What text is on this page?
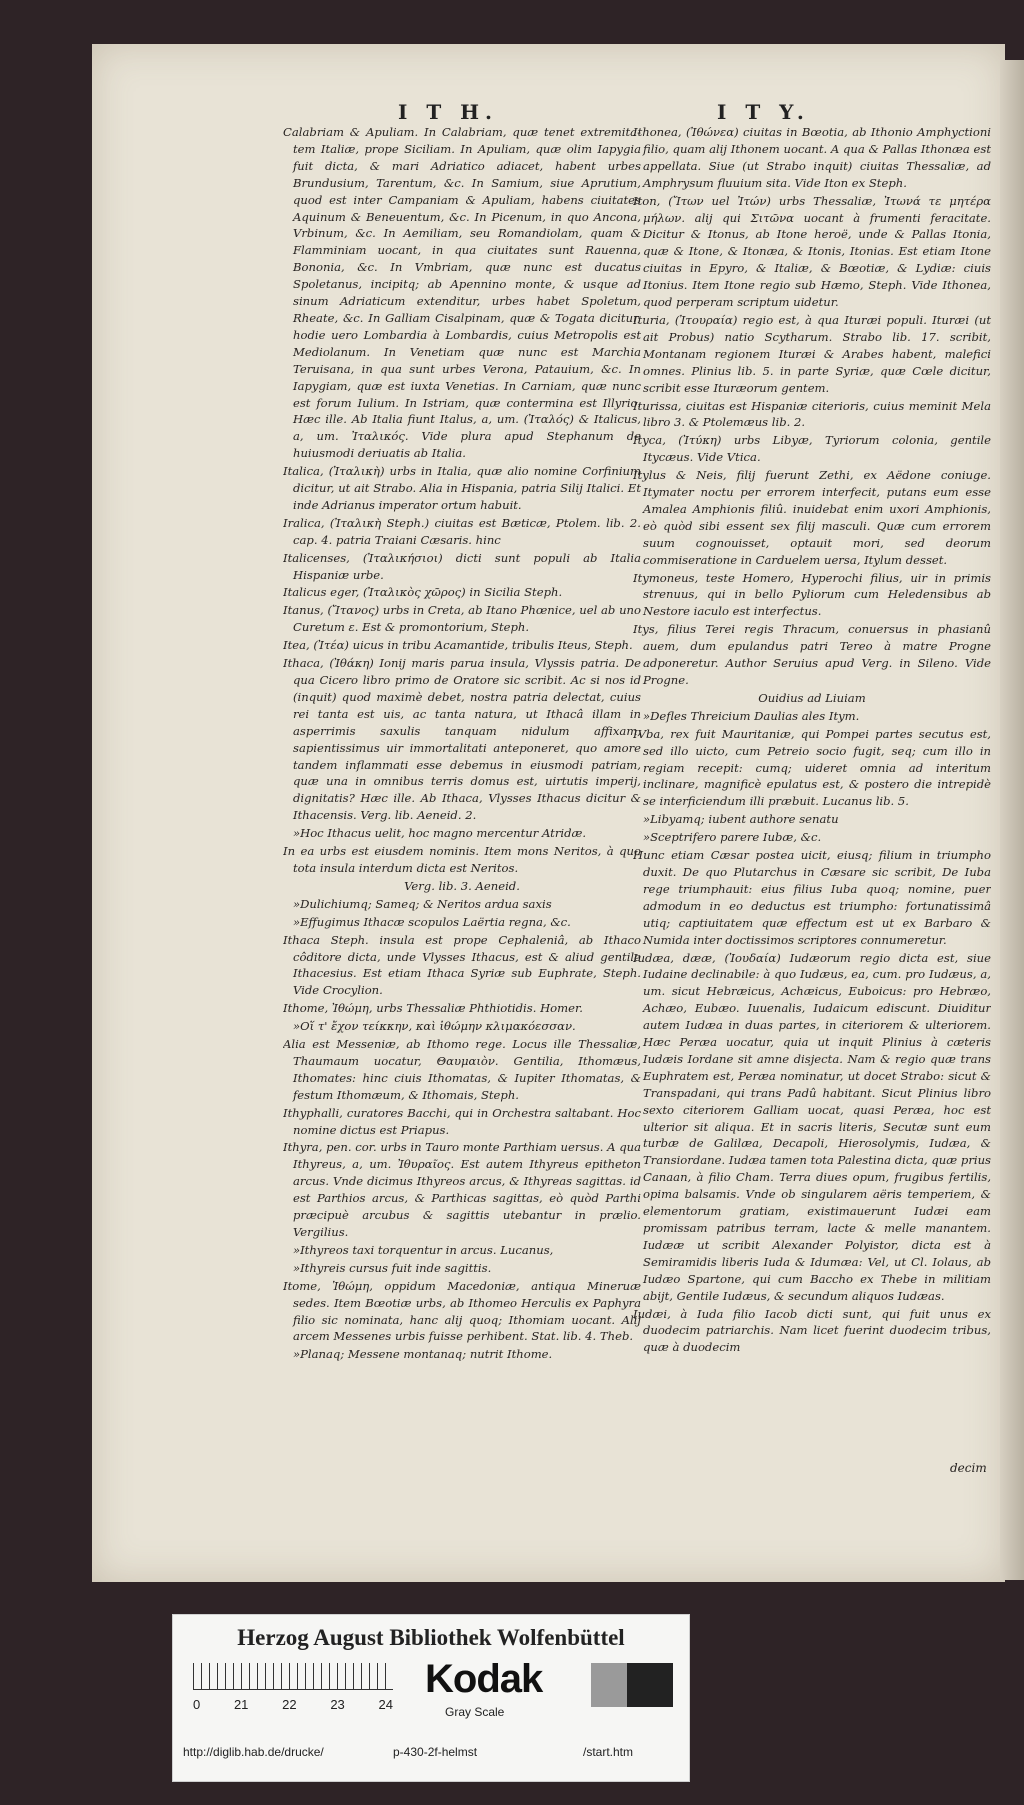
I T H.	I T Y.

Calabriam & Apuliam. In Calabriam, quæ tenet extremita-tem Italiæ, prope Siciliam. In Apuliam, quæ olim Iapygia fuit dicta, & mari Adriatico adiacet, habent urbes Brundusium, Tarentum, &c. In Samium, siue Aprutium, quod est inter Campaniam & Apuliam, habens ciuitates Aquinum & Beneuentum, &c. In Picenum, in quo Ancona, Vrbinum, &c. In Aemiliam, seu Romandiolam, quam & Flamminiam uocant, in qua ciuitates sunt Rauenna, Bononia, &c. In Vmbriam, quæ nunc est ducatus Spoletanus, incipitq; ab Apennino monte, & usque ad sinum Adriaticum extenditur, urbes habet Spoletum, Rheate, &c. In Galliam Cisalpinam, quæ & Togata dicitur, hodie uero Lombardia à Lombardis, cuius Metropolis est Mediolanum. In Venetiam quæ nunc est Marchia Teruisana, in qua sunt urbes Verona, Patauium, &c. In Iapygiam, quæ est iuxta Venetias. In Carniam, quæ nunc est forum Iulium. In Istriam, quæ contermina est Illyrio. Hæc ille. Ab Italia fiunt Italus, a, um. (Ἰταλός) & Italicus, a, um. Ἰταλικός. Vide plura apud Stephanum de huiusmodi deriuatis ab Italia.

Italica, (Ἰταλικὴ) urbs in Italia, quæ alio nomine Corfinium dicitur, ut ait Strabo. Alia in Hispania, patria Silij Italici. Et inde Adrianus imperator ortum habuit.

Iralica, (Ἰταλικὴ Steph.) ciuitas est Bæticæ, Ptolem. lib. 2. cap. 4. patria Traiani Cæsaris. hinc

Italicenses, (Ἰταλικήσιοι) dicti sunt populi ab Italia Hispaniæ urbe.

Italicus eger, (Ἰταλικὸς χῶρος) in Sicilia Steph.

Itanus, (Ἴτανος) urbs in Creta, ab Itano Phœnice, uel ab uno Curetum ε. Est & promontorium, Steph.

Itea, (Ἰτέα) uicus in tribu Acamantide, tribulis Iteus, Steph.

Ithaca, (Ἰθάκη) Ionij maris parua insula, Vlyssis patria. De qua Cicero libro primo de Oratore sic scribit. Ac si nos id (inquit) quod maximè debet, nostra patria delectat, cuius rei tanta est uis, ac tanta natura, ut Ithacâ illam in asperrimis saxulis tanquam nidulum affixam, sapientissimus uir immortalitati anteponeret, quo amore tandem inflammati esse debemus in eiusmodi patriam, quæ una in omnibus terris domus est, uirtutis imperij, dignitatis? Hæc ille. Ab Ithaca, Vlysses Ithacus dicitur & Ithacensis. Verg. lib. Aeneid. 2.

»Hoc Ithacus uelit, hoc magno mercentur Atridæ.

In ea urbs est eiusdem nominis. Item mons Neritos, à quo tota insula interdum dicta est Neritos.

Verg. lib. 3. Aeneid.

»Dulichiumq; Sameq; & Neritos ardua saxis

»Effugimus Ithacæ scopulos Laërtia regna, &c.

Ithaca Steph. insula est prope Cephaleniâ, ab Ithaco côditore dicta, unde Vlysses Ithacus, est & aliud gentile Ithacesius. Est etiam Ithaca Syriæ sub Euphrate, Steph. Vide Crocylion.

Ithome, Ἰθώμη, urbs Thessaliæ Phthiotidis. Homer.

»Οἵ τ' ἔχον τείκκην, καὶ ἰθώμην κλιμακόεσσαν.

Alia est Messeniæ, ab Ithomo rege. Locus ille Thessaliæ, Thaumaum uocatur, Θαυμαιὸν. Gentilia, Ithomæus, Ithomates: hinc ciuis Ithomatas, & Iupiter Ithomatas, & festum Ithomæum, & Ithomais, Steph.

Ithyphalli, curatores Bacchi, qui in Orchestra saltabant. Hoc nomine dictus est Priapus.

Ithyra, pen. cor. urbs in Tauro monte Parthiam uersus. A qua Ithyreus, a, um. Ἰθυραῖος. Est autem Ithyreus epitheton arcus. Vnde dicimus Ithyreos arcus, & Ithyreas sagittas. id est Parthios arcus, & Parthicas sagittas, eò quòd Parthi præcipuè arcubus & sagittis utebantur in prælio. Vergilius.

»Ithyreos taxi torquentur in arcus. Lucanus,

»Ithyreis cursus fuit inde sagittis.

Itome, Ἰθώμη, oppidum Macedoniæ, antiqua Mineruæ sedes. Item Bœotiæ urbs, ab Ithomeo Herculis ex Paphyra filio sic nominata, hanc alij quoq; Ithomiam uocant. Alij arcem Messenes urbis fuisse perhibent. Stat. lib. 4. Theb.

»Planaq; Messene montanaq; nutrit Ithome.

Ithonea, (Ἰθώνεα) ciuitas in Bœotia, ab Ithonio Amphyctioni filio, quam alij Ithonem uocant. A qua & Pallas Ithonæa est appellata. Siue (ut Strabo inquit) ciuitas Thessaliæ, ad Amphrysum fluuium sita. Vide Iton ex Steph.

Iton, (Ἴτων uel Ἰτών) urbs Thessaliæ, Ἰτωνά τε μητέρα μήλων. alij qui Σιτῶνα uocant à frumenti feracitate. Dicitur & Itonus, ab Itone heroë, unde & Pallas Itonia, quæ & Itone, & Itonæa, & Itonis, Itonias. Est etiam Itone ciuitas in Epyro, & Italiæ, & Bœotiæ, & Lydiæ: ciuis Itonius. Item Itone regio sub Hæmo, Steph. Vide Ithonea, quod perperam scriptum uidetur.

Ituria, (Ἰτουραία) regio est, à qua Ituræi populi. Ituræi (ut ait Probus) natio Scytharum. Strabo lib. 17. scribit, Montanam regionem Ituræi & Arabes habent, malefici omnes. Plinius lib. 5. in parte Syriæ, quæ Cœle dicitur, scribit esse Ituræorum gentem.

Iturissa, ciuitas est Hispaniæ citerioris, cuius meminit Mela libro 3. & Ptolemæus lib. 2.

Ityca, (Ἰτύκη) urbs Libyæ, Tyriorum colonia, gentile Itycæus. Vide Vtica.

Itylus & Neis, filij fuerunt Zethi, ex Aëdone coniuge. Itymater noctu per errorem interfecit, putans eum esse Amalea Amphionis filiû. inuidebat enim uxori Amphionis, eò quòd sibi essent sex filij masculi. Quæ cum errorem suum cognouisset, optauit mori, sed deorum commiseratione in Carduelem uersa, Itylum desset.

Itymoneus, teste Homero, Hyperochi filius, uir in primis strenuus, qui in bello Pyliorum cum Heledensibus ab Nestore iaculo est interfectus.

Itys, filius Terei regis Thracum, conuersus in phasianû auem, dum epulandus patri Tereo à matre Progne adponeretur. Author Seruius apud Verg. in Sileno. Vide Progne.

Ouidius ad Liuiam

»Defles Threicium Daulias ales Itym.

IVba, rex fuit Mauritaniæ, qui Pompei partes secutus est, sed illo uicto, cum Petreio socio fugit, seq; cum illo in regiam recepit: cumq; uideret omnia ad interitum inclinare, magnificè epulatus est, & postero die intrepidè se interficiendum illi præbuit. Lucanus lib. 5.

»Libyamq; iubent authore senatu

»Sceptrifero parere Iubæ, &c.

Hunc etiam Cæsar postea uicit, eiusq; filium in triumpho duxit. De quo Plutarchus in Cæsare sic scribit, De Iuba rege triumphauit: eius filius Iuba quoq; nomine, puer admodum in eo deductus est triumpho: fortunatissimâ utiq; captiuitatem quæ effectum est ut ex Barbaro & Numida inter doctissimos scriptores connumeretur.

Iudæa, dææ, (Ἰουδαία) Iudæorum regio dicta est, siue Iudaine declinabile: à quo Iudæus, ea, cum. pro Iudæus, a, um. sicut Hebræicus, Achæicus, Euboicus: pro Hebræo, Achæo, Eubæo. Iuuenalis, Iudaicum ediscunt. Diuiditur autem Iudæa in duas partes, in citeriorem & ulteriorem. Hæc Peræa uocatur, quia ut inquit Plinius à cæteris Iudæis Iordane sit amne disjecta. Nam & regio quæ trans Euphratem est, Peræa nominatur, ut docet Strabo: sicut & Transpadani, qui trans Padû habitant. Sicut Plinius libro sexto citeriorem Galliam uocat, quasi Peræa, hoc est ulterior sit aliqua. Et in sacris literis, Secutæ sunt eum turbæ de Galilæa, Decapoli, Hierosolymis, Iudæa, & Transiordane. Iudæa tamen tota Palestina dicta, quæ prius Canaan, à filio Cham. Terra diues opum, frugibus fertilis, opima balsamis. Vnde ob singularem aëris temperiem, & elementorum gratiam, existimauerunt Iudæi eam promissam patribus terram, lacte & melle manantem. Iudææ ut scribit Alexander Polyistor, dicta est à Semiramidis liberis Iuda & Idumæa: Vel, ut Cl. Iolaus, ab Iudæo Spartone, qui cum Baccho ex Thebe in militiam abijt, Gentile Iudæus, & secundum aliquos Iudæas.

Iudæi, à Iuda filio Iacob dicti sunt, qui fuit unus ex duodecim patriarchis. Nam licet fuerint duodecim tribus, quæ à duodecim

decim
Herzog August Bibliothek Wolfenbüttel
0	21	22	23	24
Kodak
Gray Scale
http://diglib.hab.de/drucke/	p-430-2f-helmst	/start.htm
